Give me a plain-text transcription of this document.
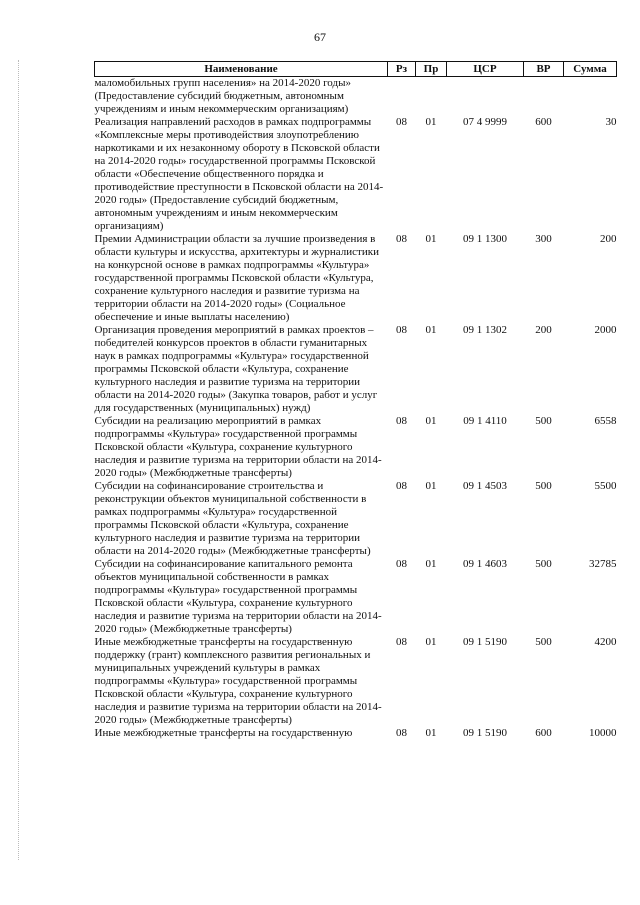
67
Наименование	Рз	Пр	ЦСР	ВР	Сумма
маломобильных групп населения» на 2014-2020 годы» (Предоставление субсидий бюджетным, автономным учреждениям и иным некоммерческим организациям)					
Реализация направлений расходов в рамках подпрограммы «Комплексные меры противодействия злоупотреблению наркотиками и их незаконному обороту в Псковской области на 2014-2020 годы» государственной программы Псковской области «Обеспечение общественного порядка и противодействие преступности в Псковской области на 2014-2020 годы» (Предоставление субсидий бюджетным, автономным учреждениям и иным некоммерческим организациям)	08	01	07 4 9999	600	30
Премии Администрации области за лучшие произведения в области культуры и искусства, архитектуры и журналистики на конкурсной основе в рамках подпрограммы «Культура» государственной программы Псковской области «Культура, сохранение культурного наследия и развитие туризма на территории области на 2014-2020 годы» (Социальное обеспечение и иные выплаты населению)	08	01	09 1 1300	300	200
Организация проведения мероприятий в рамках проектов – победителей конкурсов проектов в области гуманитарных наук в рамках подпрограммы «Культура» государственной программы Псковской области «Культура, сохранение культурного наследия и развитие туризма на территории области на 2014-2020 годы» (Закупка товаров, работ и услуг для государственных (муниципальных) нужд)	08	01	09 1 1302	200	2000
Субсидии на реализацию мероприятий в рамках подпрограммы «Культура» государственной программы Псковской области «Культура, сохранение культурного наследия и развитие туризма на территории области на 2014-2020 годы» (Межбюджетные трансферты)	08	01	09 1 4110	500	6558
Субсидии на софинансирование строительства и реконструкции объектов муниципальной собственности в рамках подпрограммы «Культура» государственной программы Псковской области «Культура, сохранение культурного наследия и развитие туризма на территории области на 2014-2020 годы» (Межбюджетные трансферты)	08	01	09 1 4503	500	5500
Субсидии на софинансирование капитального ремонта объектов муниципальной собственности в рамках подпрограммы «Культура» государственной программы Псковской области «Культура, сохранение культурного наследия и развитие туризма на территории области на 2014-2020 годы» (Межбюджетные трансферты)	08	01	09 1 4603	500	32785
Иные межбюджетные трансферты на государственную поддержку (грант) комплексного развития региональных и муниципальных учреждений культуры в рамках подпрограммы «Культура» государственной программы Псковской области «Культура, сохранение культурного наследия и развитие туризма на территории области на 2014-2020 годы» (Межбюджетные трансферты)	08	01	09 1 5190	500	4200
Иные межбюджетные трансферты на государственную	08	01	09 1 5190	600	10000
